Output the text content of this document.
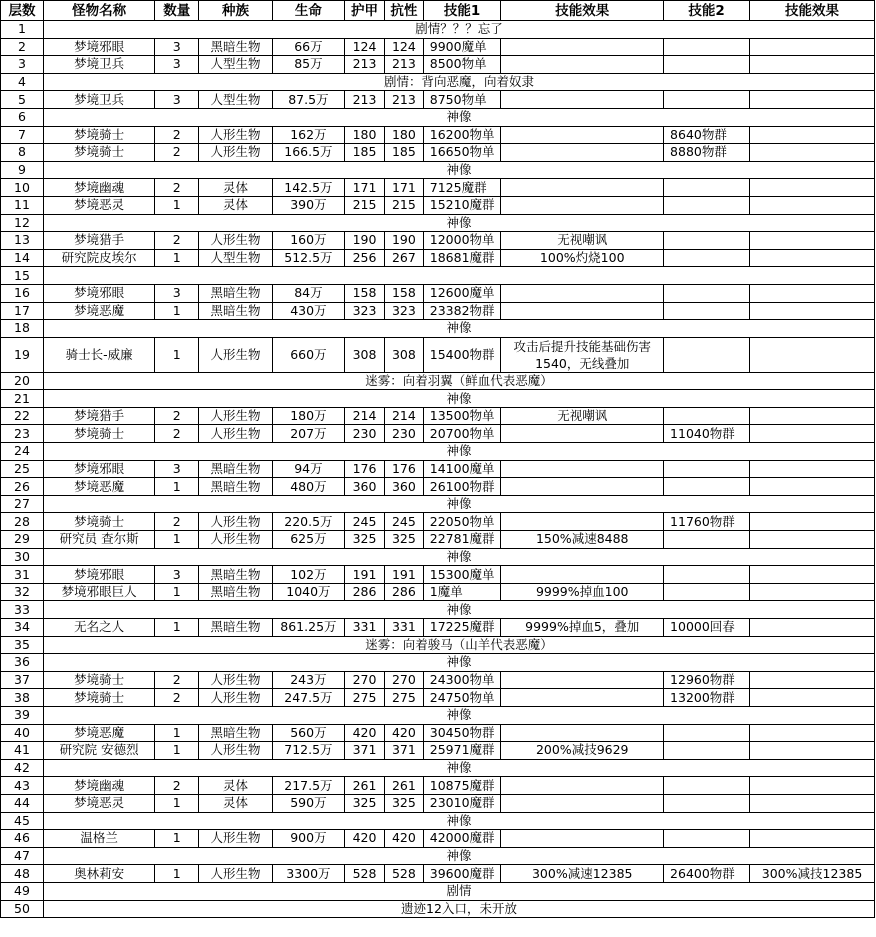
层数	怪物名称	数量	种族	生命	护甲	抗性	技能1	技能效果	技能2	技能效果
1	剧情？？？忘了									
2	梦境邪眼	3	黑暗生物	66万	124	124	9900魔单			
3	梦境卫兵	3	人型生物	85万	213	213	8500物单			
4	剧情：背向恶魔，向着奴隶									
5	梦境卫兵	3	人型生物	87.5万	213	213	8750物单			
6	神像									
7	梦境骑士	2	人形生物	162万	180	180	16200物单		8640物群	
8	梦境骑士	2	人形生物	166.5万	185	185	16650物单		8880物群	
9	神像									
10	梦境幽魂	2	灵体	142.5万	171	171	7125魔群			
11	梦境恶灵	1	灵体	390万	215	215	15210魔群			
12	神像									
13	梦境猎手	2	人形生物	160万	190	190	12000物单	无视嘲讽		
14	研究院皮埃尔	1	人型生物	512.5万	256	267	18681魔群	100%灼烧100		
15										
16	梦境邪眼	3	黑暗生物	84万	158	158	12600魔单			
17	梦境恶魔	1	黑暗生物	430万	323	323	23382物群			
18	神像									
19	骑士长-威廉	1	人形生物	660万	308	308	15400物群	攻击后提升技能基础伤害1540，无线叠加		
20	迷雾：向着羽翼（鲜血代表恶魔）									
21	神像									
22	梦境猎手	2	人形生物	180万	214	214	13500物单	无视嘲讽		
23	梦境骑士	2	人形生物	207万	230	230	20700物单		11040物群	
24	神像									
25	梦境邪眼	3	黑暗生物	94万	176	176	14100魔单			
26	梦境恶魔	1	黑暗生物	480万	360	360	26100物群			
27	神像									
28	梦境骑士	2	人形生物	220.5万	245	245	22050物单		11760物群	
29	研究员 查尔斯	1	人形生物	625万	325	325	22781魔群	150%减速8488		
30	神像									
31	梦境邪眼	3	黑暗生物	102万	191	191	15300魔单			
32	梦境邪眼巨人	1	黑暗生物	1040万	286	286	1魔单	9999%掉血100		
33	神像									
34	无名之人	1	黑暗生物	861.25万	331	331	17225魔群	9999%掉血5，叠加	10000回春	
35	迷雾：向着骏马（山羊代表恶魔）									
36	神像									
37	梦境骑士	2	人形生物	243万	270	270	24300物单		12960物群	
38	梦境骑士	2	人形生物	247.5万	275	275	24750物单		13200物群	
39	神像									
40	梦境恶魔	1	黑暗生物	560万	420	420	30450物群			
41	研究院 安德烈	1	人形生物	712.5万	371	371	25971魔群	200%减技9629		
42	神像									
43	梦境幽魂	2	灵体	217.5万	261	261	10875魔群			
44	梦境恶灵	1	灵体	590万	325	325	23010魔群			
45	神像									
46	温格兰	1	人形生物	900万	420	420	42000魔群			
47	神像									
48	奥林莉安	1	人形生物	3300万	528	528	39600魔群	300%减速12385	26400物群	300%减技12385
49	剧情									
50	遗迹12入口，未开放									
